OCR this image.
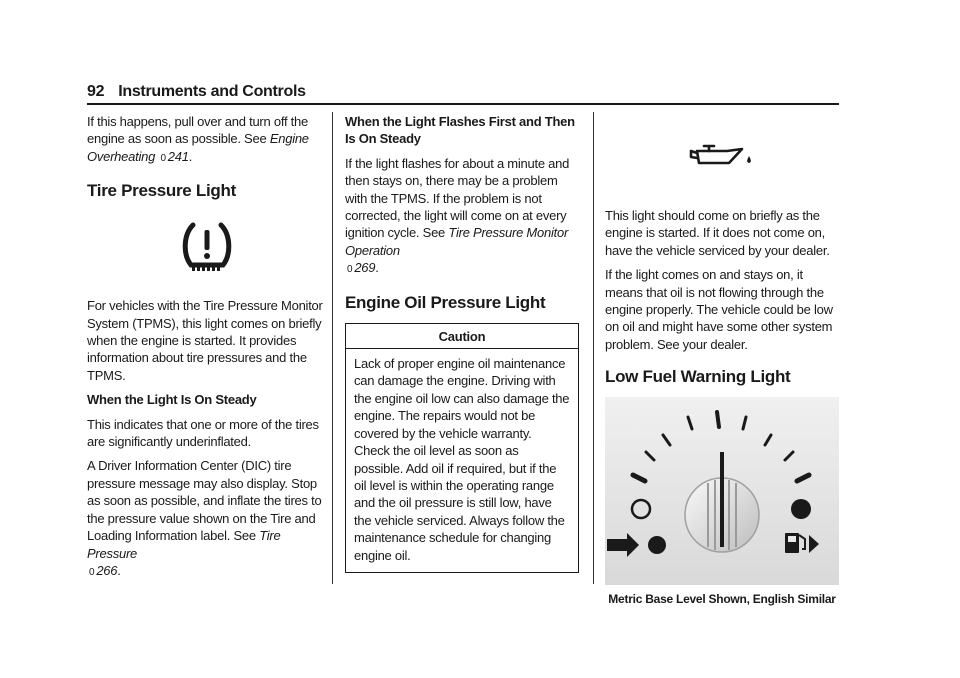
92 Instruments and Controls

If this happens, pull over and turn off the engine as soon as possible. See Engine Overheating 0 241.

Tire Pressure Light

For vehicles with the Tire Pressure Monitor System (TPMS), this light comes on briefly when the engine is started. It provides information about tire pressures and the TPMS.

When the Light Is On Steady

This indicates that one or more of the tires are significantly underinflated.

A Driver Information Center (DIC) tire pressure message may also display. Stop as soon as possible, and inflate the tires to the pressure value shown on the Tire and Loading Information label. See Tire Pressure
0 266.

When the Light Flashes First and Then Is On Steady

If the light flashes for about a minute and then stays on, there may be a problem with the TPMS. If the problem is not corrected, the light will come on at every ignition cycle. See Tire Pressure Monitor Operation
0 269.

Engine Oil Pressure Light
Caution

Lack of proper engine oil maintenance can damage the engine. Driving with the engine oil low can also damage the engine. The repairs would not be covered by the vehicle warranty. Check the oil level as soon as possible. Add oil if required, but if the oil level is within the operating range and the oil pressure is still low, have the vehicle serviced. Always follow the maintenance schedule for changing engine oil.

This light should come on briefly as the engine is started. If it does not come on, have the vehicle serviced by your dealer.

If the light comes on and stays on, it means that oil is not flowing through the engine properly. The vehicle could be low on oil and might have some other system problem. See your dealer.

Low Fuel Warning Light
Metric Base Level Shown, English Similar
